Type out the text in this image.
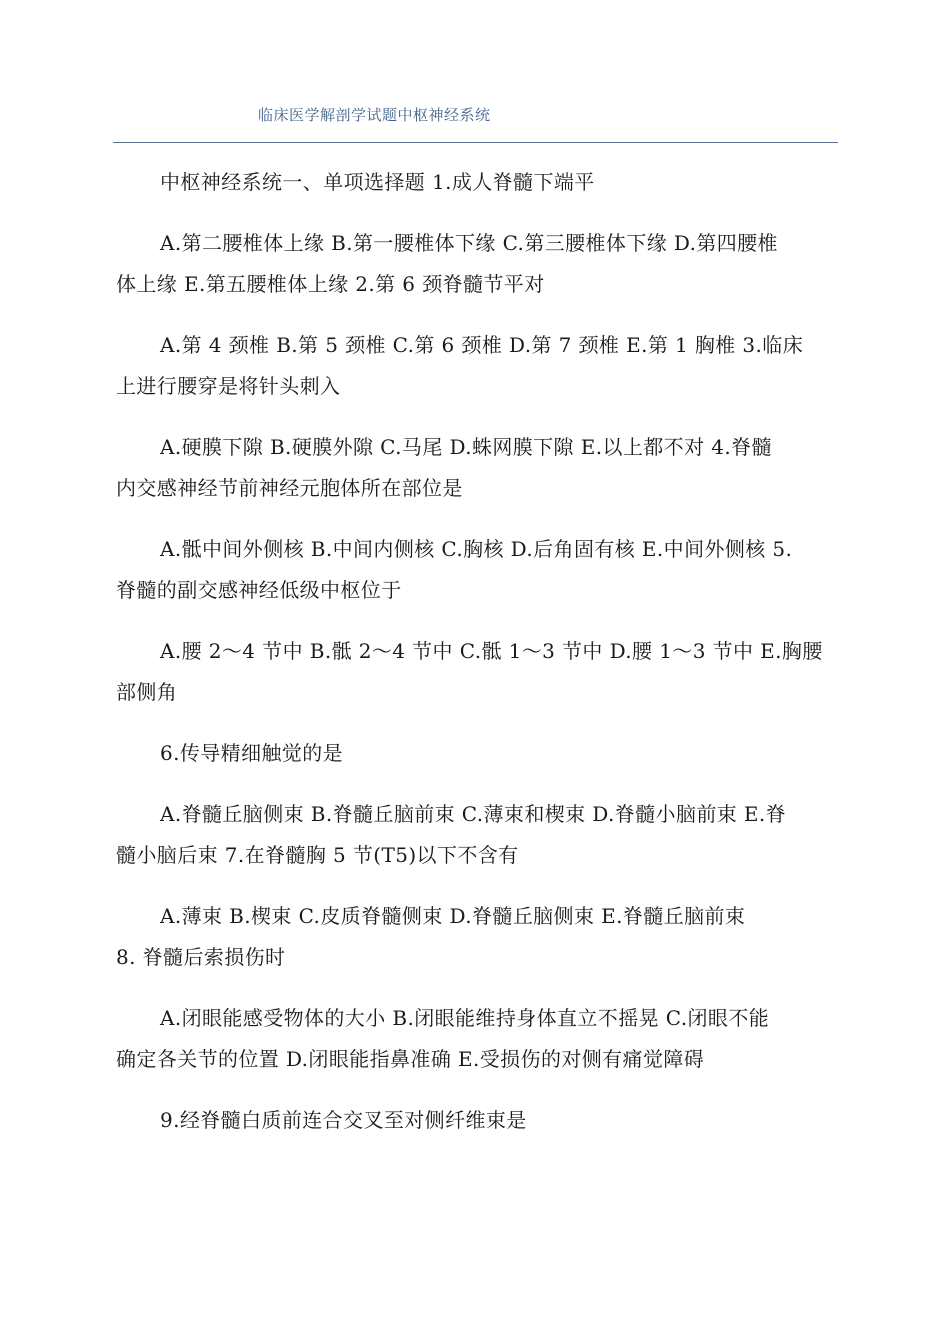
临床医学解剖学试题中枢神经系统

中枢神经系统一、单项选择题 1.成人脊髓下端平

A.第二腰椎体上缘 B.第一腰椎体下缘 C.第三腰椎体下缘 D.第四腰椎
体上缘 E.第五腰椎体上缘 2.第 6 颈脊髓节平对

A.第 4 颈椎 B.第 5 颈椎 C.第 6 颈椎 D.第 7 颈椎 E.第 1 胸椎 3.临床
上进行腰穿是将针头刺入

A.硬膜下隙 B.硬膜外隙 C.马尾 D.蛛网膜下隙 E.以上都不对 4.脊髓
内交感神经节前神经元胞体所在部位是

A.骶中间外侧核 B.中间内侧核 C.胸核 D.后角固有核 E.中间外侧核 5.
脊髓的副交感神经低级中枢位于

A.腰 2～4 节中 B.骶 2～4 节中 C.骶 1～3 节中 D.腰 1～3 节中 E.胸腰
部侧角

6.传导精细触觉的是

A.脊髓丘脑侧束 B.脊髓丘脑前束 C.薄束和楔束 D.脊髓小脑前束 E.脊
髓小脑后束 7.在脊髓胸 5 节(T5)以下不含有

A.薄束 B.楔束 C.皮质脊髓侧束 D.脊髓丘脑侧束 E.脊髓丘脑前束
8. 脊髓后索损伤时

A.闭眼能感受物体的大小 B.闭眼能维持身体直立不摇晃 C.闭眼不能
确定各关节的位置 D.闭眼能指鼻准确 E.受损伤的对侧有痛觉障碍

9.经脊髓白质前连合交叉至对侧纤维束是
